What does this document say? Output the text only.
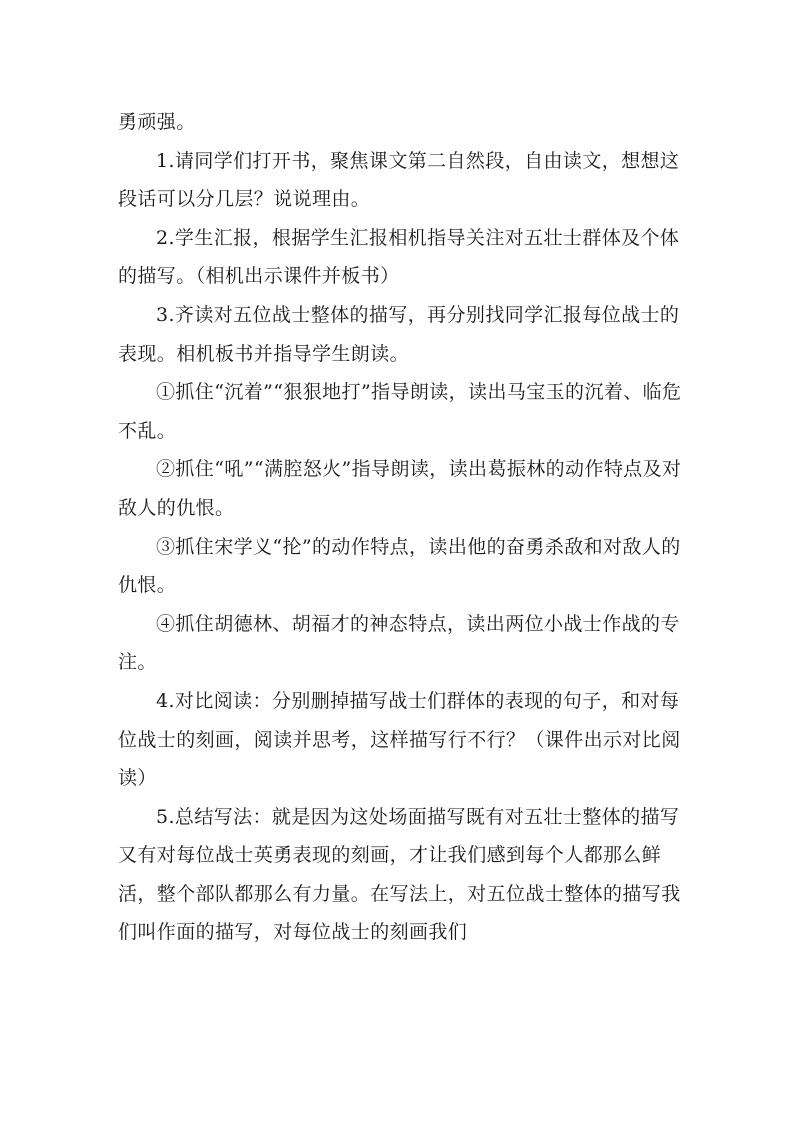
勇顽强。

1.请同学们打开书，聚焦课文第二自然段，自由读文，想想这段话可以分几层？说说理由。

2.学生汇报，根据学生汇报相机指导关注对五壮士群体及个体的描写。（相机出示课件并板书）

3.齐读对五位战士整体的描写，再分别找同学汇报每位战士的表现。相机板书并指导学生朗读。

①抓住“沉着”“狠狠地打”指导朗读，读出马宝玉的沉着、临危不乱。

②抓住“吼”“满腔怒火”指导朗读，读出葛振林的动作特点及对敌人的仇恨。

③抓住宋学义“抡”的动作特点，读出他的奋勇杀敌和对敌人的仇恨。

④抓住胡德林、胡福才的神态特点，读出两位小战士作战的专注。

4.对比阅读：分别删掉描写战士们群体的表现的句子，和对每位战士的刻画，阅读并思考，这样描写行不行？（课件出示对比阅读）

5.总结写法：就是因为这处场面描写既有对五壮士整体的描写又有对每位战士英勇表现的刻画，才让我们感到每个人都那么鲜活，整个部队都那么有力量。在写法上，对五位战士整体的描写我们叫作面的描写，对每位战士的刻画我们
